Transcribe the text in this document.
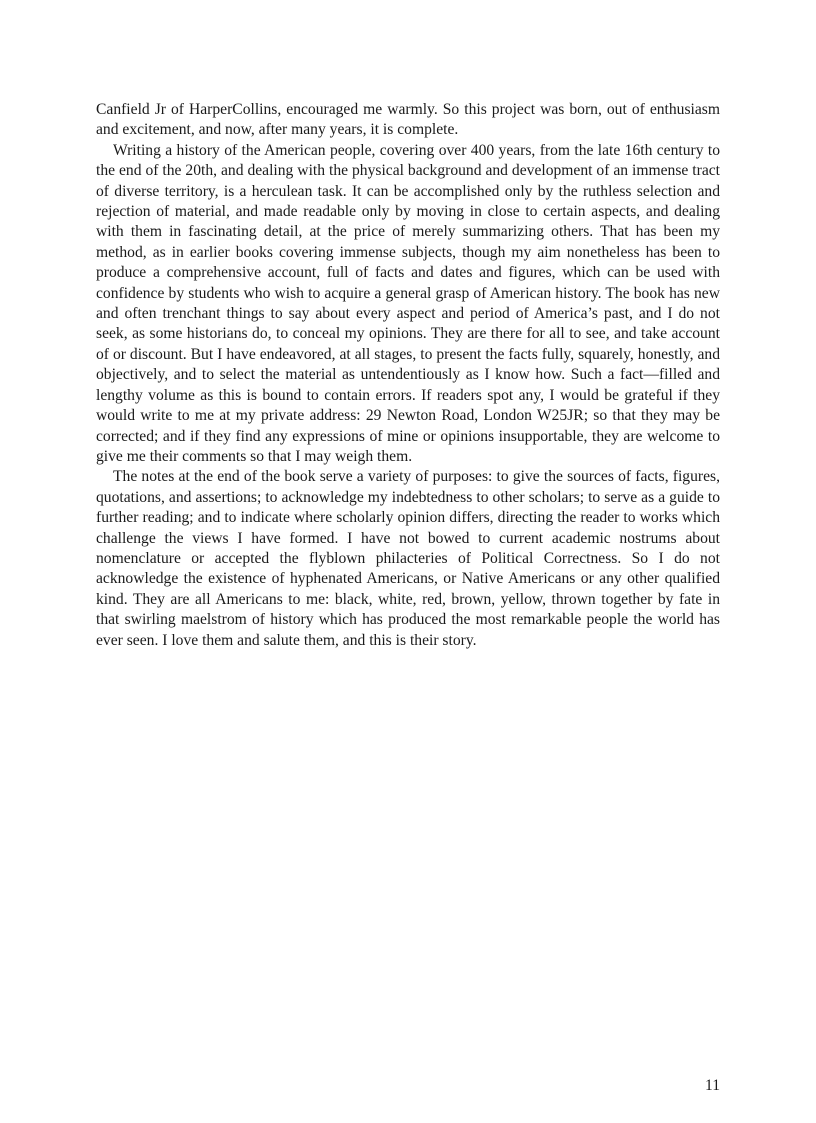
Canfield Jr of HarperCollins, encouraged me warmly. So this project was born, out of enthusiasm and excitement, and now, after many years, it is complete.

Writing a history of the American people, covering over 400 years, from the late 16th century to the end of the 20th, and dealing with the physical background and development of an immense tract of diverse territory, is a herculean task. It can be accomplished only by the ruthless selection and rejection of material, and made readable only by moving in close to certain aspects, and dealing with them in fascinating detail, at the price of merely summarizing others. That has been my method, as in earlier books covering immense subjects, though my aim nonetheless has been to produce a comprehensive account, full of facts and dates and figures, which can be used with confidence by students who wish to acquire a general grasp of American history. The book has new and often trenchant things to say about every aspect and period of America’s past, and I do not seek, as some historians do, to conceal my opinions. They are there for all to see, and take account of or discount. But I have endeavored, at all stages, to present the facts fully, squarely, honestly, and objectively, and to select the material as untendentiously as I know how. Such a fact—filled and lengthy volume as this is bound to contain errors. If readers spot any, I would be grateful if they would write to me at my private address: 29 Newton Road, London W25JR; so that they may be corrected; and if they find any expressions of mine or opinions insupportable, they are welcome to give me their comments so that I may weigh them.

The notes at the end of the book serve a variety of purposes: to give the sources of facts, figures, quotations, and assertions; to acknowledge my indebtedness to other scholars; to serve as a guide to further reading; and to indicate where scholarly opinion differs, directing the reader to works which challenge the views I have formed. I have not bowed to current academic nostrums about nomenclature or accepted the flyblown philacteries of Political Correctness. So I do not acknowledge the existence of hyphenated Americans, or Native Americans or any other qualified kind. They are all Americans to me: black, white, red, brown, yellow, thrown together by fate in that swirling maelstrom of history which has produced the most remarkable people the world has ever seen. I love them and salute them, and this is their story.

11
